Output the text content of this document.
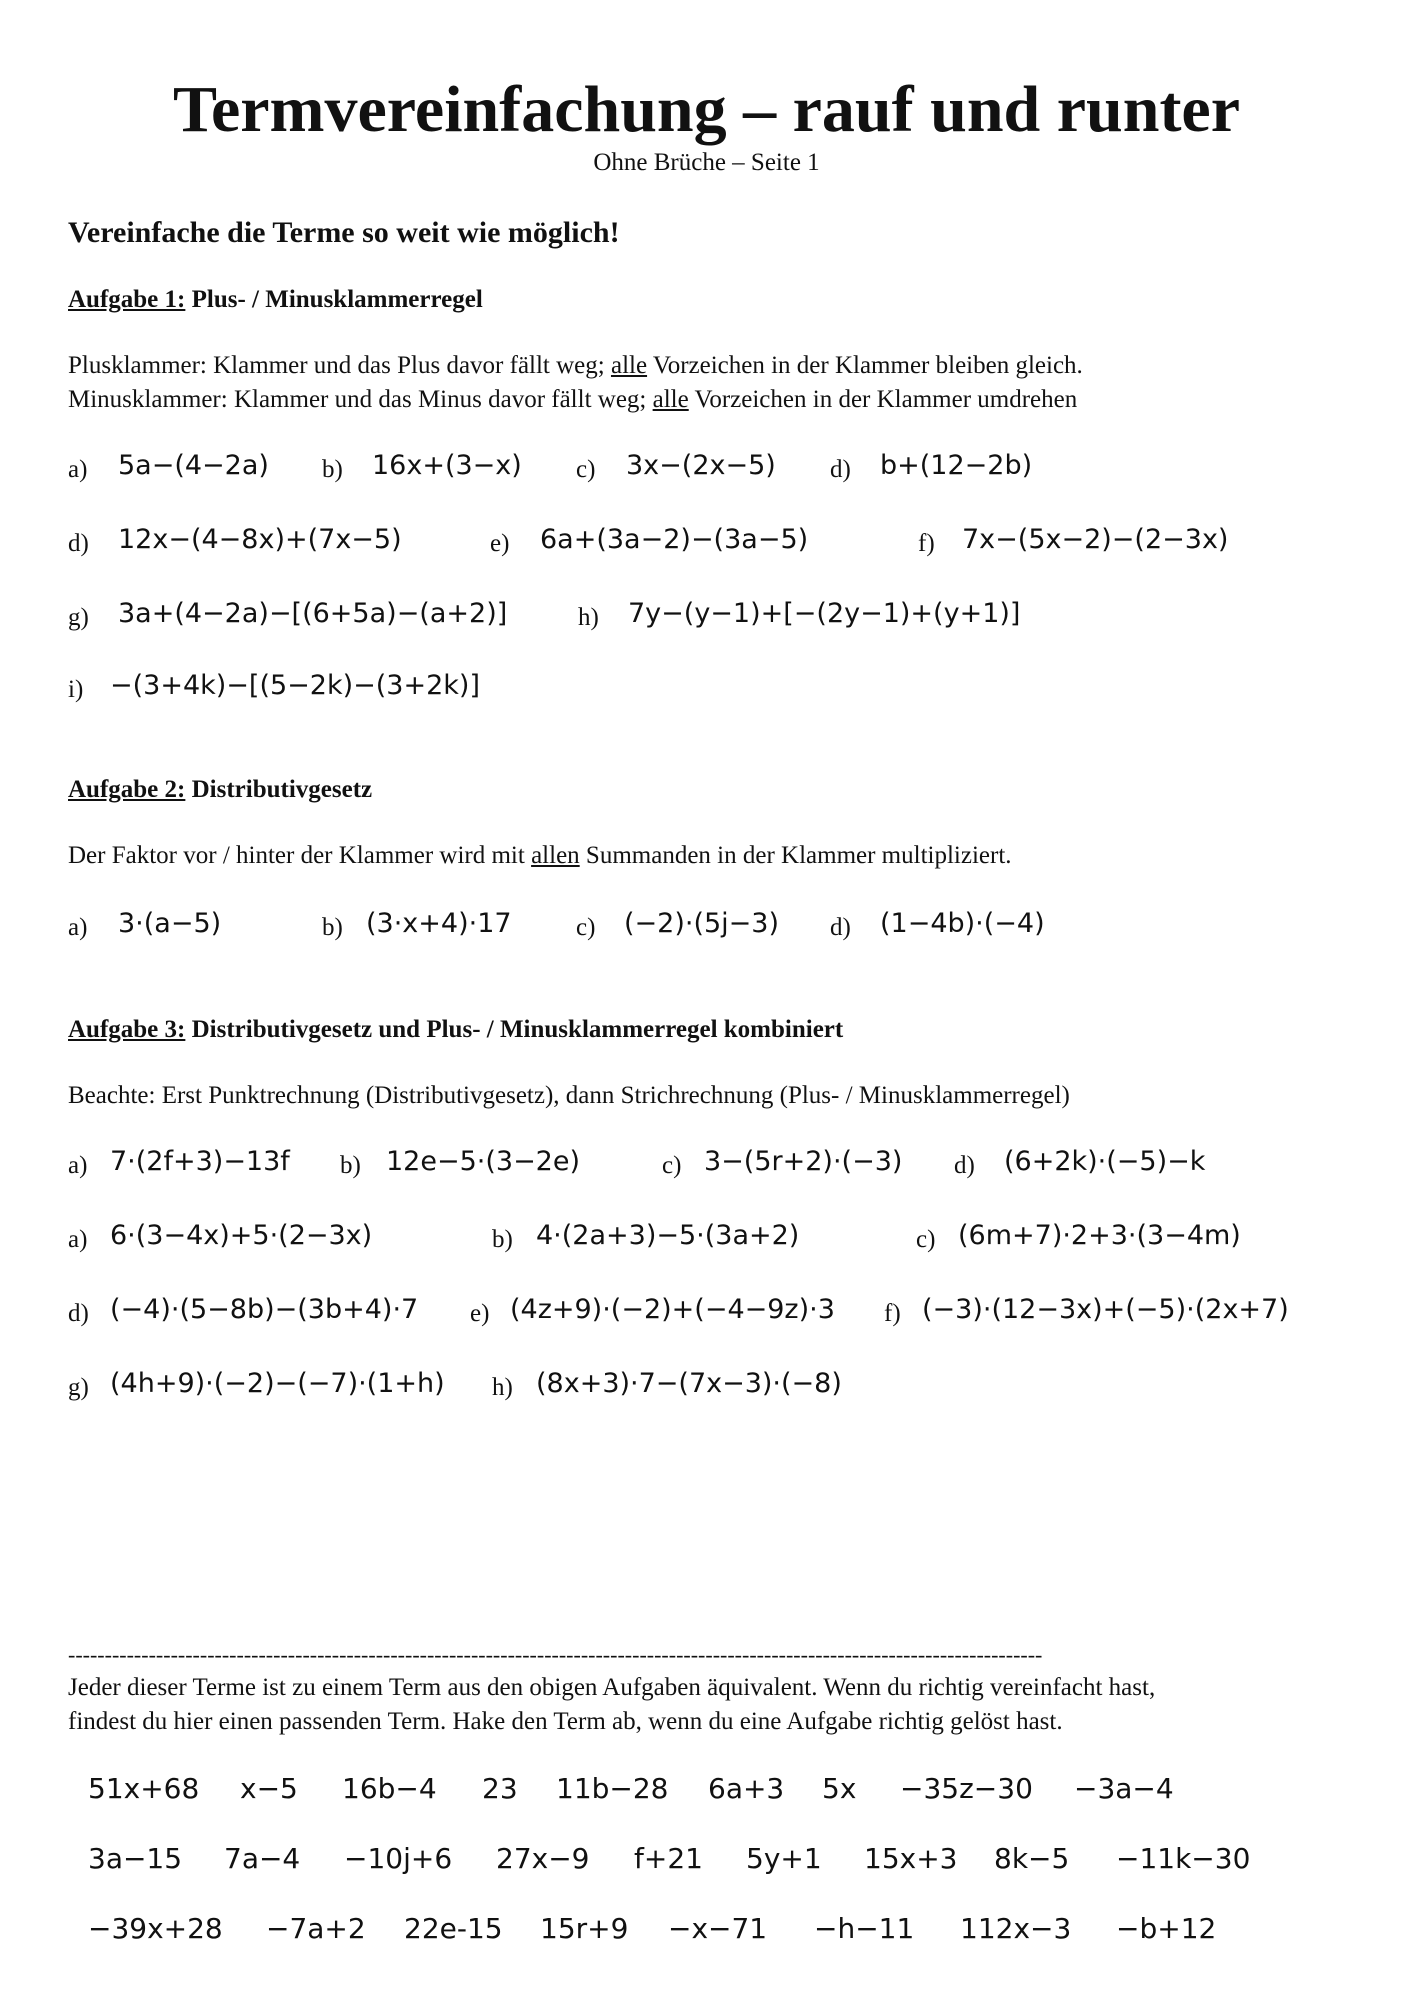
Termvereinfachung – rauf und runter
Ohne Brüche – Seite 1
Vereinfache die Terme so weit wie möglich!
Aufgabe 1: Plus- / Minusklammerregel
Plusklammer: Klammer und das Plus davor fällt weg; alle Vorzeichen in der Klammer bleiben gleich.
Minusklammer: Klammer und das Minus davor fällt weg; alle Vorzeichen in der Klammer umdrehen
a) 5a−(4−2a) b) 16x+(3−x) c) 3x−(2x−5) d) b+(12−2b)
d) 12x−(4−8x)+(7x−5)	e) 6a+(3a−2)−(3a−5)	f) 7x−(5x−2)−(2−3x)
g) 3a+(4−2a)−[(6+5a)−(a+2)]	h) 7y−(y−1)+[−(2y−1)+(y+1)]
i) −(3+4k)−[(5−2k)−(3+2k)]
Aufgabe 2: Distributivgesetz
Der Faktor vor / hinter der Klammer wird mit allen Summanden in der Klammer multipliziert.
a) 3·(a−5)	b) (3·x+4)·17	c) (−2)·(5j−3) d) (1−4b)·(−4)
Aufgabe 3: Distributivgesetz und Plus- / Minusklammerregel kombiniert
Beachte: Erst Punktrechnung (Distributivgesetz), dann Strichrechnung (Plus- / Minusklammerregel)
a) 7·(2f+3)−13f b) 12e−5·(3−2e)	c) 3−(5r+2)·(−3) d) (6+2k)·(−5)−k
a) 6·(3−4x)+5·(2−3x)	b) 4·(2a+3)−5·(3a+2)	c) (6m+7)·2+3·(3−4m)
d) (−4)·(5−8b)−(3b+4)·7 e) (4z+9)·(−2)+(−4−9z)·3 f) (−3)·(12−3x)+(−5)·(2x+7)
g) (4h+9)·(−2)−(−7)·(1+h) h) (8x+3)·7−(7x−3)·(−8)
-------------------------------------------------------------------------------------------------------------------------------------
Jeder dieser Terme ist zu einem Term aus den obigen Aufgaben äquivalent. Wenn du richtig vereinfacht hast,
findest du hier einen passenden Term. Hake den Term ab, wenn du eine Aufgabe richtig gelöst hast.
51x+68 x−5 16b−4 23 11b−28 6a+3 5x −35z−30 −3a−4
3a−15 7a−4 −10j+6 27x−9 f+21 5y+1 15x+3 8k−5 −11k−30
−39x+28 −7a+2 22e-15 15r+9 −x−71 −h−11 112x−3 −b+12
